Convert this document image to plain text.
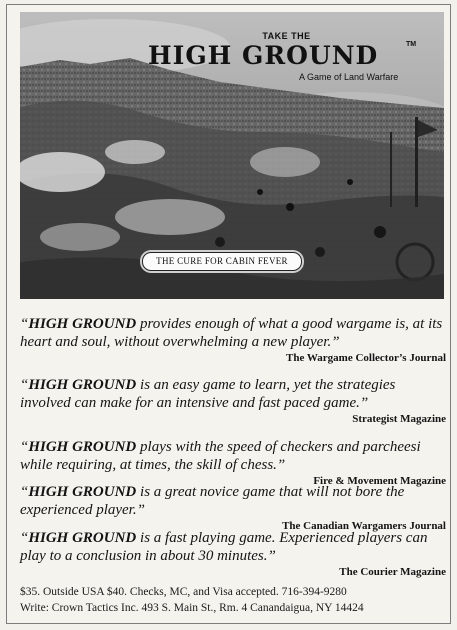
TAKE THE
HIGH GROUND	TM
A Game of Land Warfare
THE CURE FOR CABIN FEVER
“HIGH GROUND provides enough of what a good wargame is, at its heart and soul, without overwhelming a new player.”
The Wargame Collector’s Journal
“HIGH GROUND is an easy game to learn, yet the strategies involved can make for an intensive and fast paced game.”
Strategist Magazine
“HIGH GROUND plays with the speed of checkers and parcheesi while requiring, at times, the skill of chess.”
Fire & Movement Magazine
“HIGH GROUND is a great novice game that will not bore the experienced player.”
The Canadian Wargamers Journal
“HIGH GROUND is a fast playing game. Experienced players can play to a conclusion in about 30 minutes.”
The Courier Magazine
$35. Outside USA $40. Checks, MC, and Visa accepted. 716-394-9280
Write: Crown Tactics Inc. 493 S. Main St., Rm. 4 Canandaigua, NY 14424
